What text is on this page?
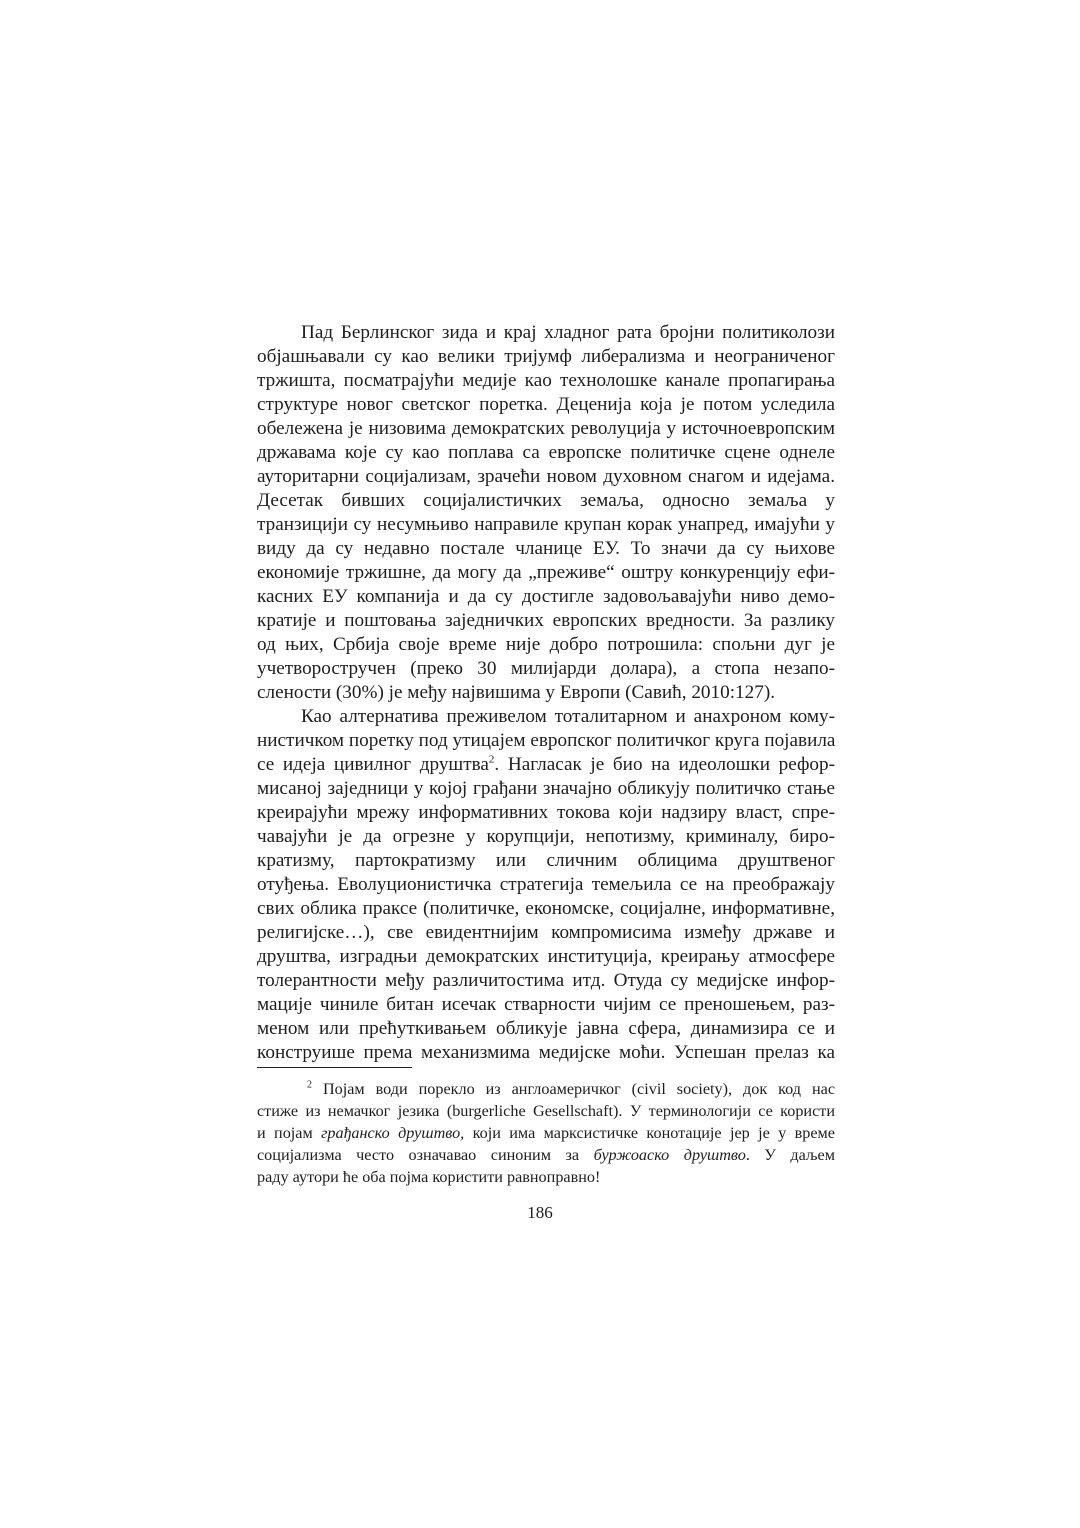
Пад Берлинског зида и крај хладног рата бројни политиколози
објашњавали су као велики тријумф либерализма и неограниченог
тржишта, посматрајући медије као технолошке канале пропагирања
структуре новог светског поретка. Деценија која је потом уследила
обележена је низовима демократских револуција у источноевропским
државама које су као поплава са европске политичке сцене однеле
ауторитарни социјализам, зрачећи новом духовном снагом и идејама.
Десетак бивших социјалистичких земаља, односно земаља у
транзицији су несумњиво направиле крупан корак унапред, имајући у
виду да су недавно постале чланице ЕУ. То значи да су њихове
економије тржишне, да могу да „преживе“ оштру конкуренцију ефи-
касних ЕУ компанија и да су достигле задовољавајући ниво демо-
кратије и поштовања заједничких европских вредности. За разлику
од њих, Србија своје време није добро потрошила: спољни дуг је
учетворостручен (преко 30 милијарди долара), а стопа незапо-
слености (30%) је међу највишима у Европи (Савић, 2010:127).
Као алтернатива преживелом тоталитарном и анахроном кому-
нистичком поретку под утицајем европског политичког круга појавила
се идеја цивилног друштва$^2$. Нагласак је био на идеолошки рефор-
мисаној заједници у којој грађани значајно обликују политичко стање
креирајући мрежу информативних токова који надзиру власт, спре-
чавајући је да огрезне у корупцији, непотизму, криминалу, биро-
кратизму, партократизму или сличним облицима друштвеног
отуђења. Еволуционистичка стратегија темељила се на преображају
свих облика праксе (политичке, економске, социјалне, информативне,
религијске…), све евидентнијим компромисима између државе и
друштва, изградњи демократских институција, креирању атмосфере
толерантности међу различитостима итд. Отуда су медијске инфор-
мације чиниле битан исечак стварности чијим се преношењем, раз-
меном или прећуткивањем обликује јавна сфера, динамизира се и
конструише према механизмима медијске моћи. Успешан прелаз ка
$^2$ Појам води порекло из англоамеричког (civil society), док код нас
стиже из немачког језика (burgerliche Gesellschaft). У терминологији се користи
и појам грађанско друштво, који има марксистичке конотације јер је у време
социјализма често означавао синоним за буржоаско друштво. У даљем
раду аутори ће оба појма користити равноправно!
186
